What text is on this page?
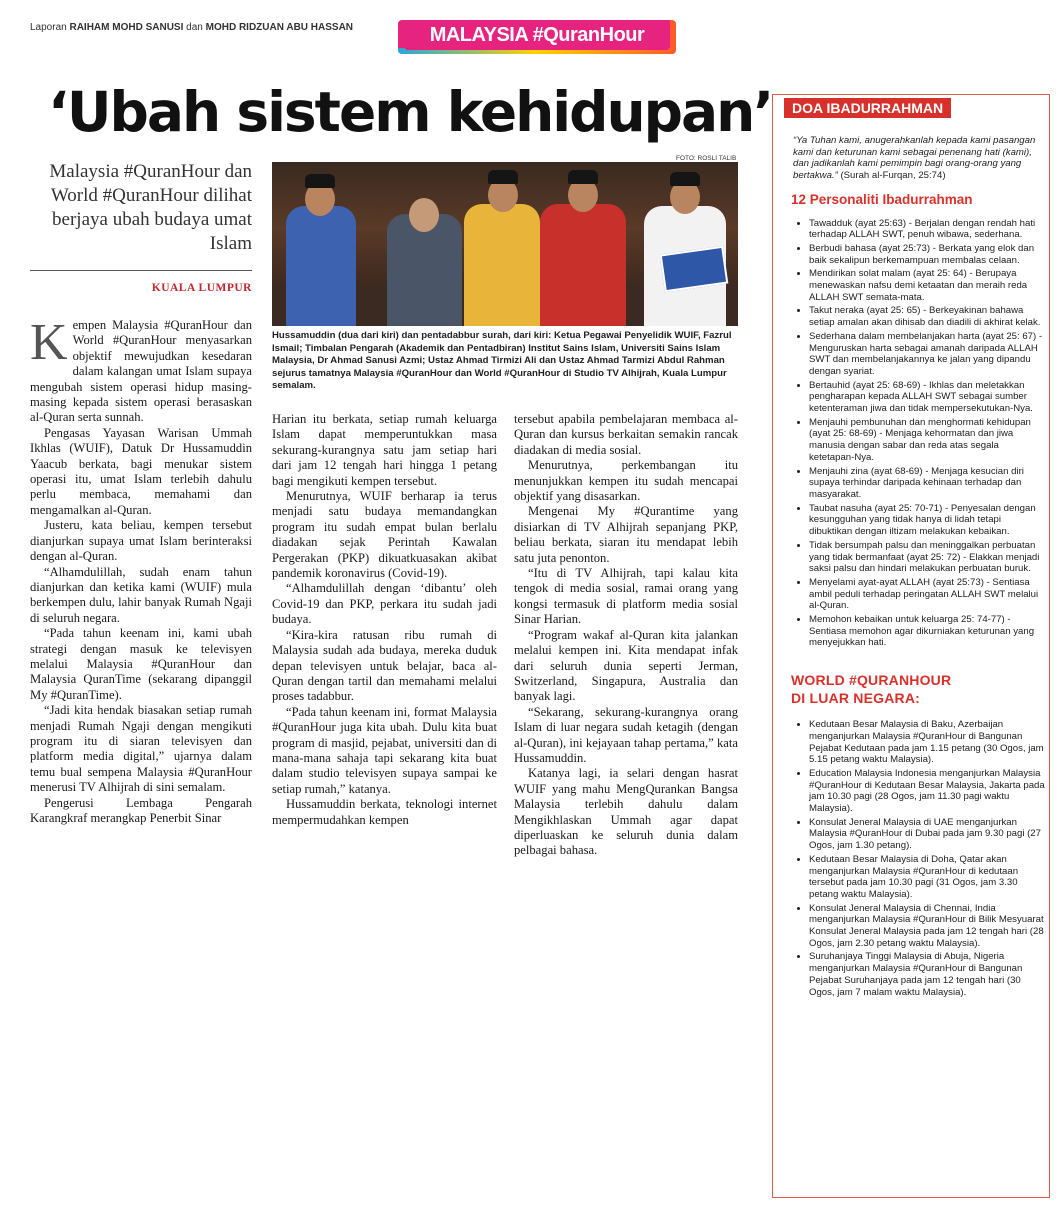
Laporan RAIHAM MOHD SANUSI dan MOHD RIDZUAN ABU HASSAN	MALAYSIA #QuranHour
‘Ubah sistem kehidupan’
Malaysia #QuranHour dan World #QuranHour dilihat berjaya ubah budaya umat Islam
KUALA LUMPUR
FOTO: ROSLI TALIB
Hussamuddin (dua dari kiri) dan pentadabbur surah, dari kiri: Ketua Pegawai Penyelidik WUIF, Fazrul Ismail; Timbalan Pengarah (Akademik dan Pentadbiran) Institut Sains Islam, Universiti Sains Islam Malaysia, Dr Ahmad Sanusi Azmi; Ustaz Ahmad Tirmizi Ali dan Ustaz Ahmad Tarmizi Abdul Rahman sejurus tamatnya Malaysia #QuranHour dan World #QuranHour di Studio TV Alhijrah, Kuala Lumpur semalam.

Kempen Malaysia #QuranHour dan World #QuranHour menyasarkan objektif mewujudkan kesedaran dalam kalangan umat Islam supaya mengubah sistem operasi hidup masing-masing kepada sistem operasi berasaskan al-Quran serta sunnah.

Pengasas Yayasan Warisan Ummah Ikhlas (WUIF), Datuk Dr Hussamuddin Yaacub berkata, bagi menukar sistem operasi itu, umat Islam terlebih dahulu perlu membaca, memahami dan mengamalkan al-Quran.

Justeru, kata beliau, kempen tersebut dianjurkan supaya umat Islam berinteraksi dengan al-Quran.

“Alhamdulillah, sudah enam tahun dianjurkan dan ketika kami (WUIF) mula berkempen dulu, lahir banyak Rumah Ngaji di seluruh negara.

“Pada tahun keenam ini, kami ubah strategi dengan masuk ke televisyen melalui Malaysia #QuranHour dan Malaysia QuranTime (sekarang dipanggil My #QuranTime).

“Jadi kita hendak biasakan setiap rumah menjadi Rumah Ngaji dengan mengikuti program itu di siaran televisyen dan platform media digital,” ujarnya dalam temu bual sempena Malaysia #QuranHour menerusi TV Alhijrah di sini semalam.

Pengerusi Lembaga Pengarah Karangkraf merangkap Penerbit Sinar

Harian itu berkata, setiap rumah keluarga Islam dapat memperuntukkan masa sekurang-kurangnya satu jam setiap hari dari jam 12 tengah hari hingga 1 petang bagi mengikuti kempen tersebut.

Menurutnya, WUIF berharap ia terus menjadi satu budaya memandangkan program itu sudah empat bulan berlalu diadakan sejak Perintah Kawalan Pergerakan (PKP) dikuatkuasakan akibat pandemik koronavirus (Covid-19).

“Alhamdulillah dengan ‘dibantu’ oleh Covid-19 dan PKP, perkara itu sudah jadi budaya.

“Kira-kira ratusan ribu rumah di Malaysia sudah ada budaya, mereka duduk depan televisyen untuk belajar, baca al-Quran dengan tartil dan memahami melalui proses tadabbur.

“Pada tahun keenam ini, format Malaysia #QuranHour juga kita ubah. Dulu kita buat program di masjid, pejabat, universiti dan di mana-mana sahaja tapi sekarang kita buat dalam studio televisyen supaya sampai ke setiap rumah,” katanya.

Hussamuddin berkata, teknologi internet mempermudahkan kempen

tersebut apabila pembelajaran membaca al-Quran dan kursus berkaitan semakin rancak diadakan di media sosial.

Menurutnya, perkembangan itu menunjukkan kempen itu sudah mencapai objektif yang disasarkan.

Mengenai My #Qurantime yang disiarkan di TV Alhijrah sepanjang PKP, beliau berkata, siaran itu mendapat lebih satu juta penonton.

“Itu di TV Alhijrah, tapi kalau kita tengok di media sosial, ramai orang yang kongsi termasuk di platform media sosial Sinar Harian.

“Program wakaf al-Quran kita jalankan melalui kempen ini. Kita mendapat infak dari seluruh dunia seperti Jerman, Switzerland, Singapura, Australia dan banyak lagi.

“Sekarang, sekurang-kurangnya orang Islam di luar negara sudah ketagih (dengan al-Quran), ini kejayaan tahap pertama,” kata Hussamuddin.

Katanya lagi, ia selari dengan hasrat WUIF yang mahu MengQurankan Bangsa Malaysia terlebih dahulu dalam Mengikhlaskan Ummah agar dapat diperluaskan ke seluruh dunia dalam pelbagai bahasa.

DOA IBADURRAHMAN
“Ya Tuhan kami, anugerahkanlah kepada kami pasangan kami dan keturunan kami sebagai penenang hati (kami), dan jadikanlah kami pemimpin bagi orang-orang yang bertakwa.” (Surah al-Furqan, 25:74)
12 Personaliti Ibadurrahman
• Tawadduk (ayat 25:63) - Berjalan dengan rendah hati terhadap ALLAH SWT, penuh wibawa, sederhana.
• Berbudi bahasa (ayat 25:73) - Berkata yang elok dan baik sekalipun berkemampuan membalas celaan.
• Mendirikan solat malam (ayat 25: 64) - Berupaya menewaskan nafsu demi ketaatan dan meraih reda ALLAH SWT semata-mata.
• Takut neraka (ayat 25: 65) - Berkeyakinan bahawa setiap amalan akan dihisab dan diadili di akhirat kelak.
• Sederhana dalam membelanjakan harta (ayat 25: 67) - Menguruskan harta sebagai amanah daripada ALLAH SWT dan membelanjakannya ke jalan yang dipandu dengan syariat.
• Bertauhid (ayat 25: 68-69) - Ikhlas dan meletakkan pengharapan kepada ALLAH SWT sebagai sumber ketenteraman jiwa dan tidak mempersekutukan-Nya.
• Menjauhi pembunuhan dan menghormati kehidupan (ayat 25: 68-69) - Menjaga kehormatan dan jiwa manusia dengan sabar dan reda atas segala ketetapan-Nya.
• Menjauhi zina (ayat 68-69) - Menjaga kesucian diri supaya terhindar daripada kehinaan terhadap dan masyarakat.
• Taubat nasuha (ayat 25: 70-71) - Penyesalan dengan kesungguhan yang tidak hanya di lidah tetapi dibuktikan dengan iltizam melakukan kebaikan.
• Tidak bersumpah palsu dan meninggalkan perbuatan yang tidak bermanfaat (ayat 25: 72) - Elakkan menjadi saksi palsu dan hindari melakukan perbuatan buruk.
• Menyelami ayat-ayat ALLAH (ayat 25:73) - Sentiasa ambil peduli terhadap peringatan ALLAH SWT melalui al-Quran.
• Memohon kebaikan untuk keluarga 25: 74-77) - Sentiasa memohon agar dikurniakan keturunan yang menyejukkan hati.
WORLD #QURANHOUR
DI LUAR NEGARA:
• Kedutaan Besar Malaysia di Baku, Azerbaijan menganjurkan Malaysia #QuranHour di Bangunan Pejabat Kedutaan pada jam 1.15 petang (30 Ogos, jam 5.15 petang waktu Malaysia).
• Education Malaysia Indonesia menganjurkan Malaysia #QuranHour di Kedutaan Besar Malaysia, Jakarta pada jam 10.30 pagi (28 Ogos, jam 11.30 pagi waktu Malaysia).
• Konsulat Jeneral Malaysia di UAE menganjurkan Malaysia #QuranHour di Dubai pada jam 9.30 pagi (27 Ogos, jam 1.30 petang).
• Kedutaan Besar Malaysia di Doha, Qatar akan menganjurkan Malaysia #QuranHour di kedutaan tersebut pada jam 10.30 pagi (31 Ogos, jam 3.30 petang waktu Malaysia).
• Konsulat Jeneral Malaysia di Chennai, India menganjurkan Malaysia #QuranHour di Bilik Mesyuarat Konsulat Jeneral Malaysia pada jam 12 tengah hari (28 Ogos, jam 2.30 petang waktu Malaysia).
• Suruhanjaya Tinggi Malaysia di Abuja, Nigeria menganjurkan Malaysia #QuranHour di Bangunan Pejabat Suruhanjaya pada jam 12 tengah hari (30 Ogos, jam 7 malam waktu Malaysia).
